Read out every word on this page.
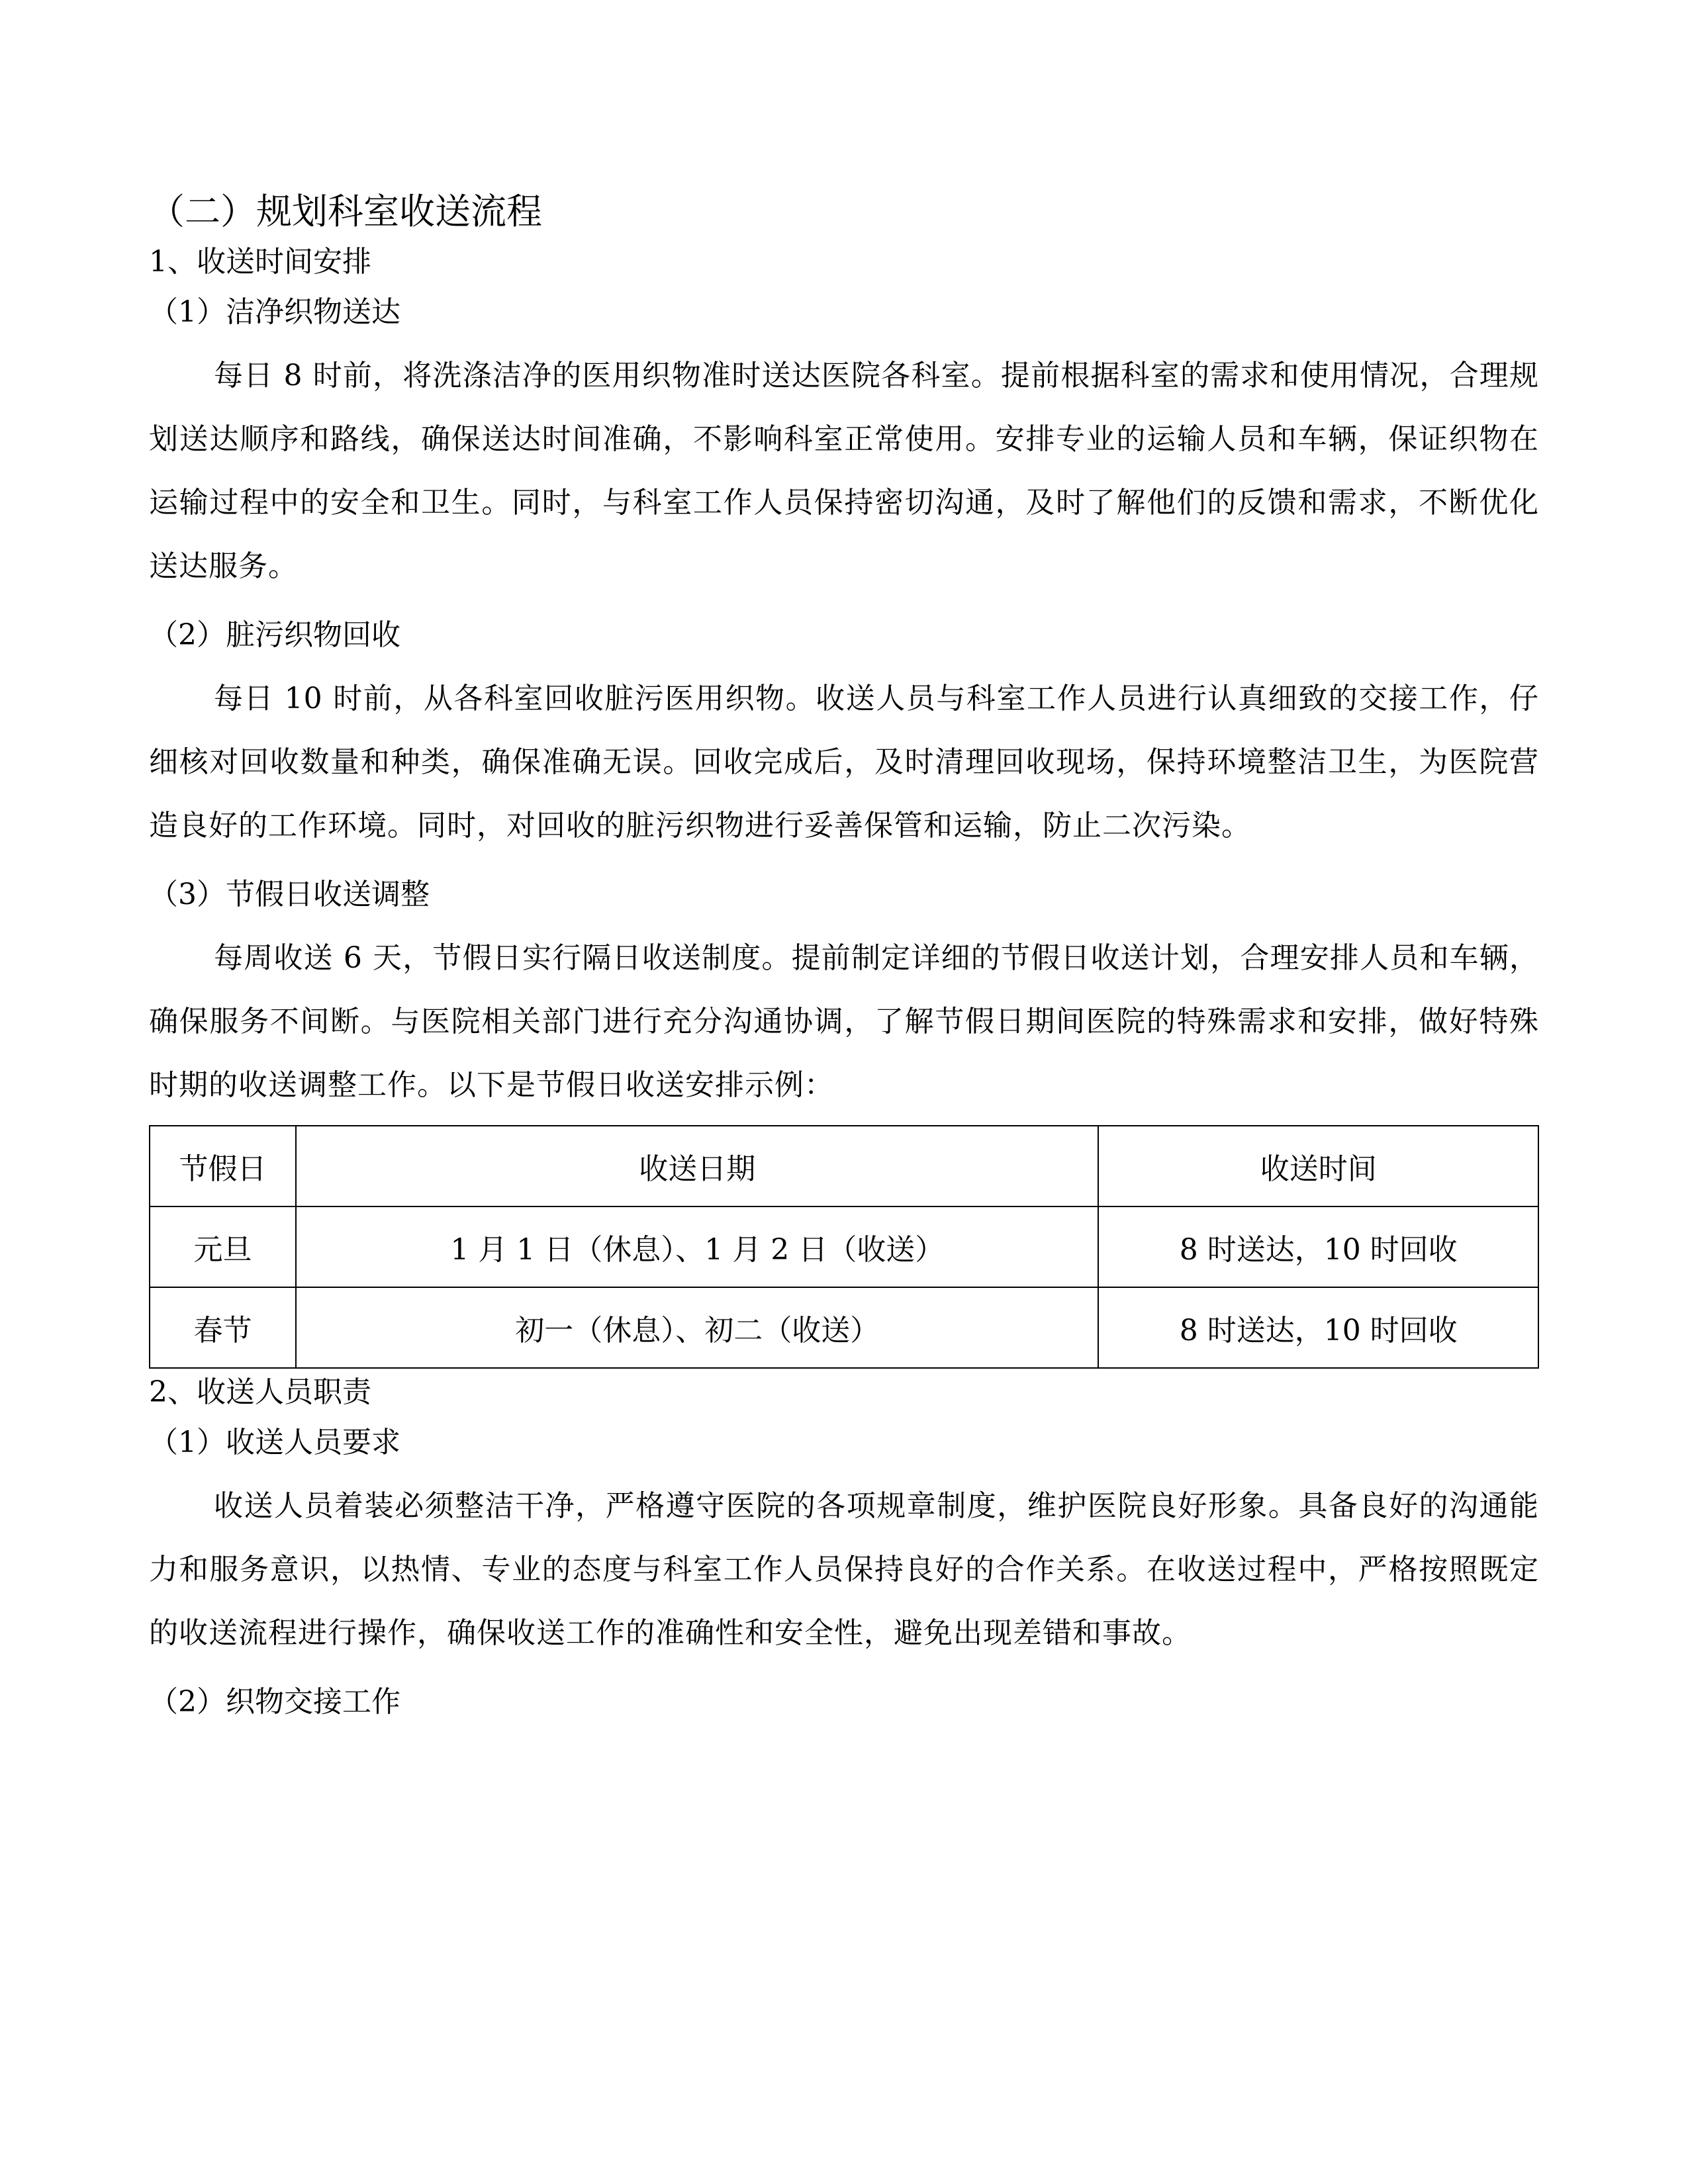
（二）规划科室收送流程
1、收送时间安排
（1）洁净织物送达

每日 8 时前，将洗涤洁净的医用织物准时送达医院各科室。提前根据科室的需求和使用情况，合理规划送达顺序和路线，确保送达时间准确，不影响科室正常使用。安排专业的运输人员和车辆，保证织物在运输过程中的安全和卫生。同时，与科室工作人员保持密切沟通，及时了解他们的反馈和需求，不断优化送达服务。

（2）脏污织物回收

每日 10 时前，从各科室回收脏污医用织物。收送人员与科室工作人员进行认真细致的交接工作，仔细核对回收数量和种类，确保准确无误。回收完成后，及时清理回收现场，保持环境整洁卫生，为医院营造良好的工作环境。同时，对回收的脏污织物进行妥善保管和运输，防止二次污染。

（3）节假日收送调整

每周收送 6 天，节假日实行隔日收送制度。提前制定详细的节假日收送计划，合理安排人员和车辆，确保服务不间断。与医院相关部门进行充分沟通协调，了解节假日期间医院的特殊需求和安排，做好特殊时期的收送调整工作。以下是节假日收送安排示例：

节假日	收送日期	收送时间
元旦	1 月 1 日（休息）、1 月 2 日（收送）	8 时送达，10 时回收
春节	初一（休息）、初二（收送）	8 时送达，10 时回收
2、收送人员职责
（1）收送人员要求

收送人员着装必须整洁干净，严格遵守医院的各项规章制度，维护医院良好形象。具备良好的沟通能力和服务意识，以热情、专业的态度与科室工作人员保持良好的合作关系。在收送过程中，严格按照既定的收送流程进行操作，确保收送工作的准确性和安全性，避免出现差错和事故。

（2）织物交接工作
